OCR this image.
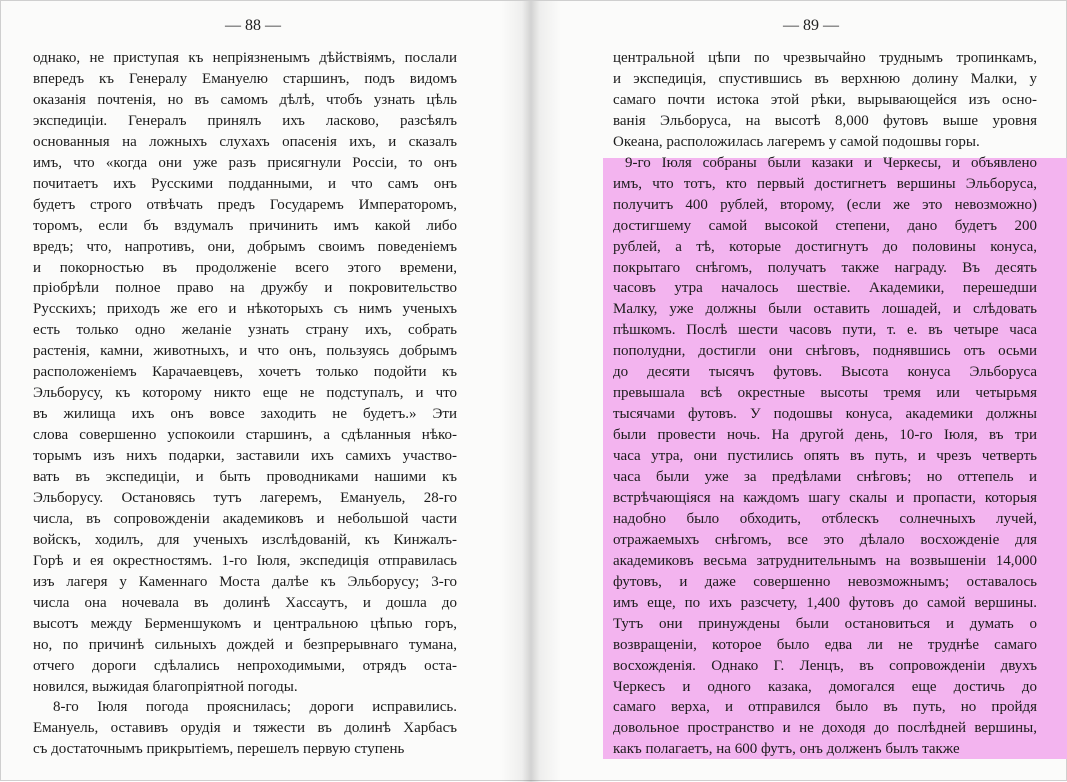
— 88 —
однако, не приступая къ непріязненымъ дѣйствіямъ, послали
впередъ къ Генералу Емануелю старшинъ, подъ видомъ
оказанія почтенія, но въ самомъ дѣлѣ, чтобъ узнать цѣль
экспедиціи. Генералъ принялъ ихъ ласково, разсѣялъ
основанныя на ложныхъ слухахъ опасенія ихъ, и сказалъ
имъ, что «когда они уже разъ присягнули Россіи, то онъ
почитаетъ ихъ Русскими подданными, и что самъ онъ
будетъ строго отвѣчать предъ Государемъ Императоромъ,
торомъ, если бъ вздумалъ причинить имъ какой либо
вредъ; что, напротивъ, они, добрымъ своимъ поведеніемъ
и покорностью въ продолженіе всего этого времени,
пріобрѣли полное право на дружбу и покровительство
Русскихъ; приходъ же его и нѣкоторыхъ съ нимъ ученыхъ
есть только одно желаніе узнать страну ихъ, собрать
растенія, камни, животныхъ, и что онъ, пользуясь добрымъ
расположеніемъ Карачаевцевъ, хочетъ только подойти къ
Эльборусу, къ которому никто еще не подступалъ, и что
въ жилища ихъ онъ вовсе заходить не будетъ.» Эти
слова совершенно успокоили старшинъ, а сдѣланныя нѣко-
торымъ изъ нихъ подарки, заставили ихъ самихъ участво-
вать въ экспедиціи, и быть проводниками нашими къ
Эльборусу. Остановясь тутъ лагеремъ, Емануель, 28-го
числа, въ сопровожденіи академиковъ и небольшой части
войскъ, ходилъ, для ученыхъ изслѣдованій, къ Кинжалъ-
Горѣ и ея окрестностямъ. 1-го Іюля, экспедиція отправилась
изъ лагеря у Каменнаго Моста далѣе къ Эльборусу; 3-го
числа она ночевала въ долинѣ Хассаутъ, и дошла до
высотъ между Берменшукомъ и центральною цѣпью горъ,
но, по причинѣ сильныхъ дождей и безпрерывнаго тумана,
отчего дороги сдѣлались непроходимыми, отрядъ оста-
новился, выжидая благопріятной погоды.
8-го Іюля погода прояснилась; дороги исправились.
Емануель, оставивъ орудія и тяжести въ долинѣ Харбасъ
съ достаточнымъ прикрытіемъ, перешелъ первую ступень
— 89 —
центральной цѣпи по чрезвычайно труднымъ тропинкамъ,
и экспедиція, спустившись въ верхнюю долину Малки, у
самаго почти истока этой рѣки, вырывающейся изъ осно-
ванія Эльборуса, на высотѣ 8,000 футовъ выше уровня
Океана, расположилась лагеремъ у самой подошвы горы.
9-го Іюля собраны были казаки и Черкесы, и объявлено
имъ, что тотъ, кто первый достигнетъ вершины Эльборуса,
получитъ 400 рублей, второму, (если же это невозможно)
достигшему самой высокой степени, дано будетъ 200
рублей, а тѣ, которые достигнутъ до половины конуса,
покрытаго снѣгомъ, получатъ также награду. Въ десять
часовъ утра началось шествіе. Академики, перешедши
Малку, уже должны были оставить лошадей, и слѣдовать
пѣшкомъ. Послѣ шести часовъ пути, т. е. въ четыре часа
пополудни, достигли они снѣговъ, поднявшись отъ осьми
до десяти тысячъ футовъ. Высота конуса Эльборуса
превышала всѣ окрестные высоты тремя или четырьмя
тысячами футовъ. У подошвы конуса, академики должны
были провести ночь. На другой день, 10-го Іюля, въ три
часа утра, они пустились опять въ путь, и чрезъ четверть
часа были уже за предѣлами снѣговъ; но оттепель и
встрѣчающіяся на каждомъ шагу скалы и пропасти, которыя
надобно было обходить, отблескъ солнечныхъ лучей,
отражаемыхъ снѣгомъ, все это дѣлало восхожденіе для
академиковъ весьма затруднительнымъ на возвышеніи 14,000
футовъ, и даже совершенно невозможнымъ; оставалось
имъ еще, по ихъ разсчету, 1,400 футовъ до самой вершины.
Тутъ они принуждены были остановиться и думать о
возвращеніи, которое было едва ли не труднѣе самаго
восхожденія. Однако Г. Ленцъ, въ сопровожденіи двухъ
Черкесъ и одного казака, домогался еще достичь до
самаго верха, и отправился было въ путь, но пройдя
довольное пространство и не доходя до послѣдней вершины,
какъ полагаетъ, на 600 футъ, онъ долженъ былъ также
